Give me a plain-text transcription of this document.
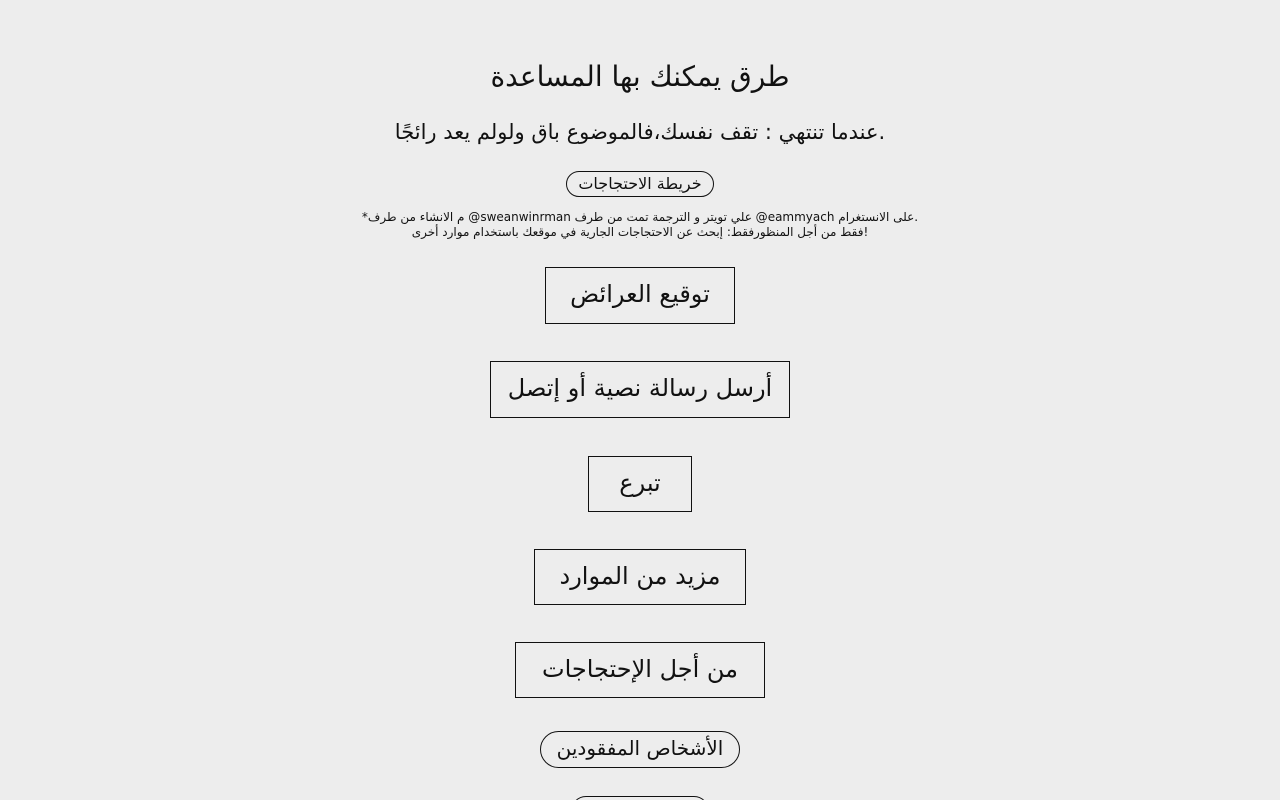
طرق يمكنك بها المساعدة
.عندما تنتهي : تقف نفسك،فالموضوع باق ولولم يعد رائجًا
خريطة الاحتجاجات
.على الانستغرام eammyach@ علي تويتر و الترجمة تمت من طرف sweanwinrman@ م الانشاء من طرف*
!فقط من أجل المنظورفقط: إبحث عن الاحتجاجات الجارية في موقعك باستخدام موارد أخرى
توقيع العرائض
أرسل رسالة نصية أو إتصل
تبرع
مزيد من الموارد
من أجل الإحتجاجات
الأشخاص المفقودين
